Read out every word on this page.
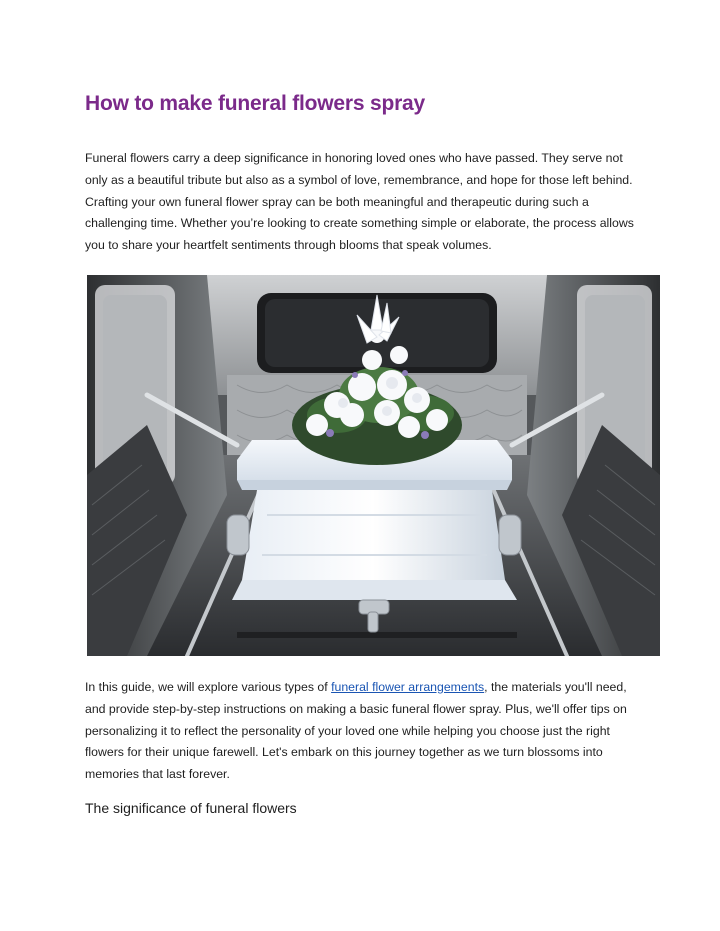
How to make funeral flowers spray

Funeral flowers carry a deep significance in honoring loved ones who have passed. They serve not only as a beautiful tribute but also as a symbol of love, remembrance, and hope for those left behind. Crafting your own funeral flower spray can be both meaningful and therapeutic during such a challenging time. Whether you’re looking to create something simple or elaborate, the process allows you to share your heartfelt sentiments through blooms that speak volumes.

In this guide, we will explore various types of funeral flower arrangements, the materials you'll need, and provide step-by-step instructions on making a basic funeral flower spray. Plus, we'll offer tips on personalizing it to reflect the personality of your loved one while helping you choose just the right flowers for their unique farewell. Let's embark on this journey together as we turn blossoms into memories that last forever.

The significance of funeral flowers
